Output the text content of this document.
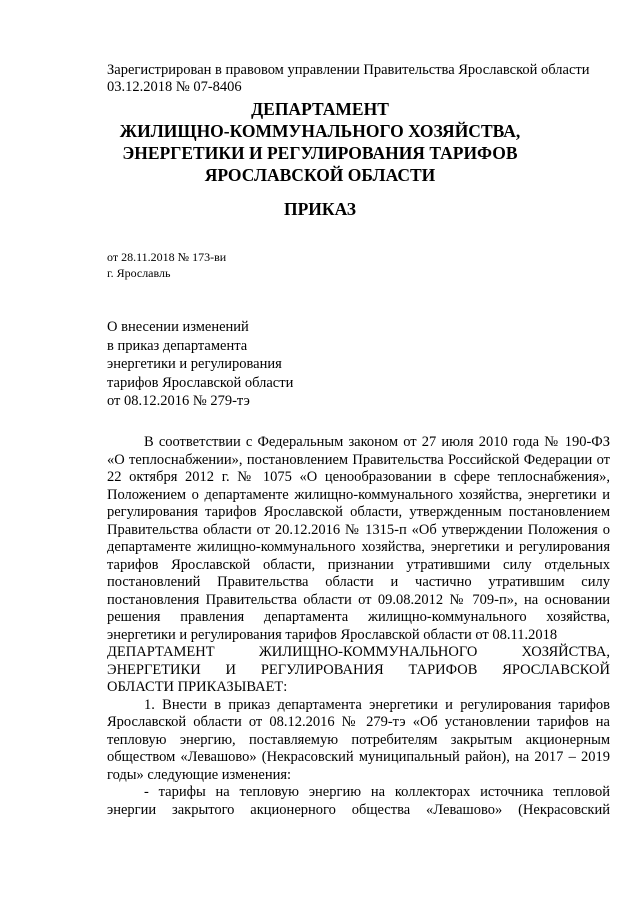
Зарегистрирован в правовом управлении Правительства Ярославской области
03.12.2018 № 07-8406
ДЕПАРТАМЕНТ
ЖИЛИЩНО-КОММУНАЛЬНОГО ХОЗЯЙСТВА,
ЭНЕРГЕТИКИ И РЕГУЛИРОВАНИЯ ТАРИФОВ
ЯРОСЛАВСКОЙ ОБЛАСТИ
ПРИКАЗ
от 28.11.2018 № 173-ви
г. Ярославль
О внесении изменений
в приказ департамента
энергетики и регулирования
тарифов Ярославской области
от 08.12.2016 № 279-тэ

В соответствии с Федеральным законом от 27 июля 2010 года № 190-ФЗ «О теплоснабжении», постановлением Правительства Российской Федерации от 22 октября 2012 г. № 1075 «О ценообразовании в сфере теплоснабжения», Положением о департаменте жилищно-коммунального хозяйства, энергетики и регулирования тарифов Ярославской области, утвержденным постановлением Правительства области от 20.12.2016 № 1315-п «Об утверждении Положения о департаменте жилищно-коммунального хозяйства, энергетики и регулирования тарифов Ярославской области, признании утратившими силу отдельных постановлений Правительства области и частично утратившим силу постановления Правительства области от 09.08.2012 № 709-п», на основании решения правления департамента жилищно-коммунального хозяйства, энергетики и регулирования тарифов Ярославской области от 08.11.2018

ДЕПАРТАМЕНТ ЖИЛИЩНО-КОММУНАЛЬНОГО ХОЗЯЙСТВА,
ЭНЕРГЕТИКИ И РЕГУЛИРОВАНИЯ ТАРИФОВ ЯРОСЛАВСКОЙ
ОБЛАСТИ ПРИКАЗЫВАЕТ:

1. Внести в приказ департамента энергетики и регулирования тарифов Ярославской области от 08.12.2016 № 279-тэ «Об установлении тарифов на тепловую энергию, поставляемую потребителям закрытым акционерным обществом «Левашово» (Некрасовский муниципальный район), на 2017 – 2019 годы» следующие изменения:

- тарифы на тепловую энергию на коллекторах источника тепловой энергии закрытого акционерного общества «Левашово» (Некрасовский
